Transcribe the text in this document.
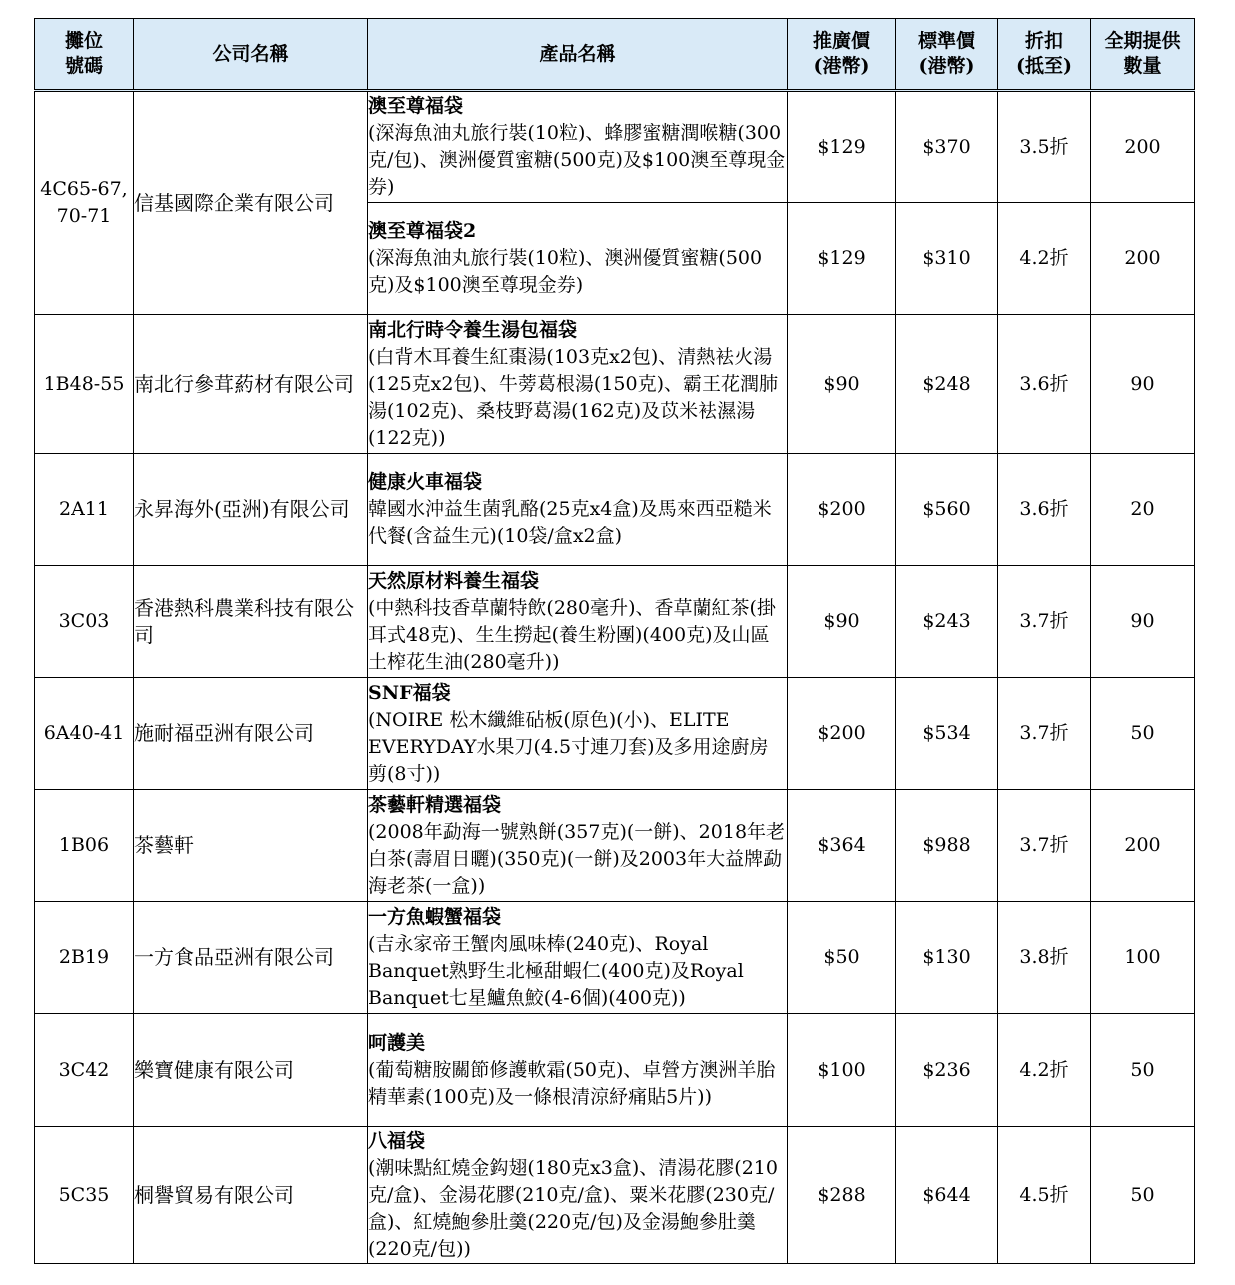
攤位號碼	公司名稱	產品名稱	推廣價(港幣)	標準價(港幣)	折扣(抵至)	全期提供數量

4C65-67, 70-71	信基國際企業有限公司	澳至尊福袋
(深海魚油丸旅行裝(10粒)、蜂膠蜜糖潤喉糖(300克/包)、澳洲優質蜜糖(500克)及$100澳至尊現金券)	$129	$370	3.5折	200

		澳至尊福袋2
(深海魚油丸旅行裝(10粒)、澳洲優質蜜糖(500克)及$100澳至尊現金券)	$129	$310	4.2折	200
1B48-55	南北行參茸葯材有限公司	南北行時令養生湯包福袋
(白背木耳養生紅棗湯(103克x2包)、清熱袪火湯(125克x2包)、牛蒡葛根湯(150克)、霸王花潤肺湯(102克)、桑枝野葛湯(162克)及苡米袪濕湯(122克))	$90	$248	3.6折	90
2A11	永昇海外(亞洲)有限公司	健康火車福袋
韓國水沖益生菌乳酪(25克x4盒)及馬來西亞糙米代餐(含益生元)(10袋/盒x2盒)	$200	$560	3.6折	20
3C03	香港熱科農業科技有限公司	天然原材料養生福袋
(中熱科技香草蘭特飲(280毫升)、香草蘭紅茶(掛耳式48克)、生生撈起(養生粉團)(400克)及山區土榨花生油(280毫升))	$90	$243	3.7折	90
6A40-41	施耐福亞洲有限公司	SNF福袋
(NOIRE 松木纖維砧板(原色)(小)、ELITE EVERYDAY水果刀(4.5寸連刀套)及多用途廚房剪(8寸))	$200	$534	3.7折	50
1B06	茶藝軒	茶藝軒精選福袋
(2008年勐海一號熟餅(357克)(一餅)、2018年老白茶(壽眉日曬)(350克)(一餅)及2003年大益牌勐海老茶(一盒))	$364	$988	3.7折	200
2B19	一方食品亞洲有限公司	一方魚蝦蟹福袋
(吉永家帝王蟹肉風味棒(240克)、Royal Banquet熟野生北極甜蝦仁(400克)及Royal Banquet七星鱸魚鮫(4-6個)(400克))	$50	$130	3.8折	100
3C42	樂寶健康有限公司	呵護美
(葡萄糖胺關節修護軟霜(50克)、卓營方澳洲羊胎精華素(100克)及一條根清涼紓痛貼5片))	$100	$236	4.2折	50
5C35	桐譽貿易有限公司	八福袋
(潮味點紅燒金鈎翅(180克x3盒)、清湯花膠(210克/盒)、金湯花膠(210克/盒)、粟米花膠(230克/盒)、紅燒鮑參肚羹(220克/包)及金湯鮑參肚羹(220克/包))	$288	$644	4.5折	50
